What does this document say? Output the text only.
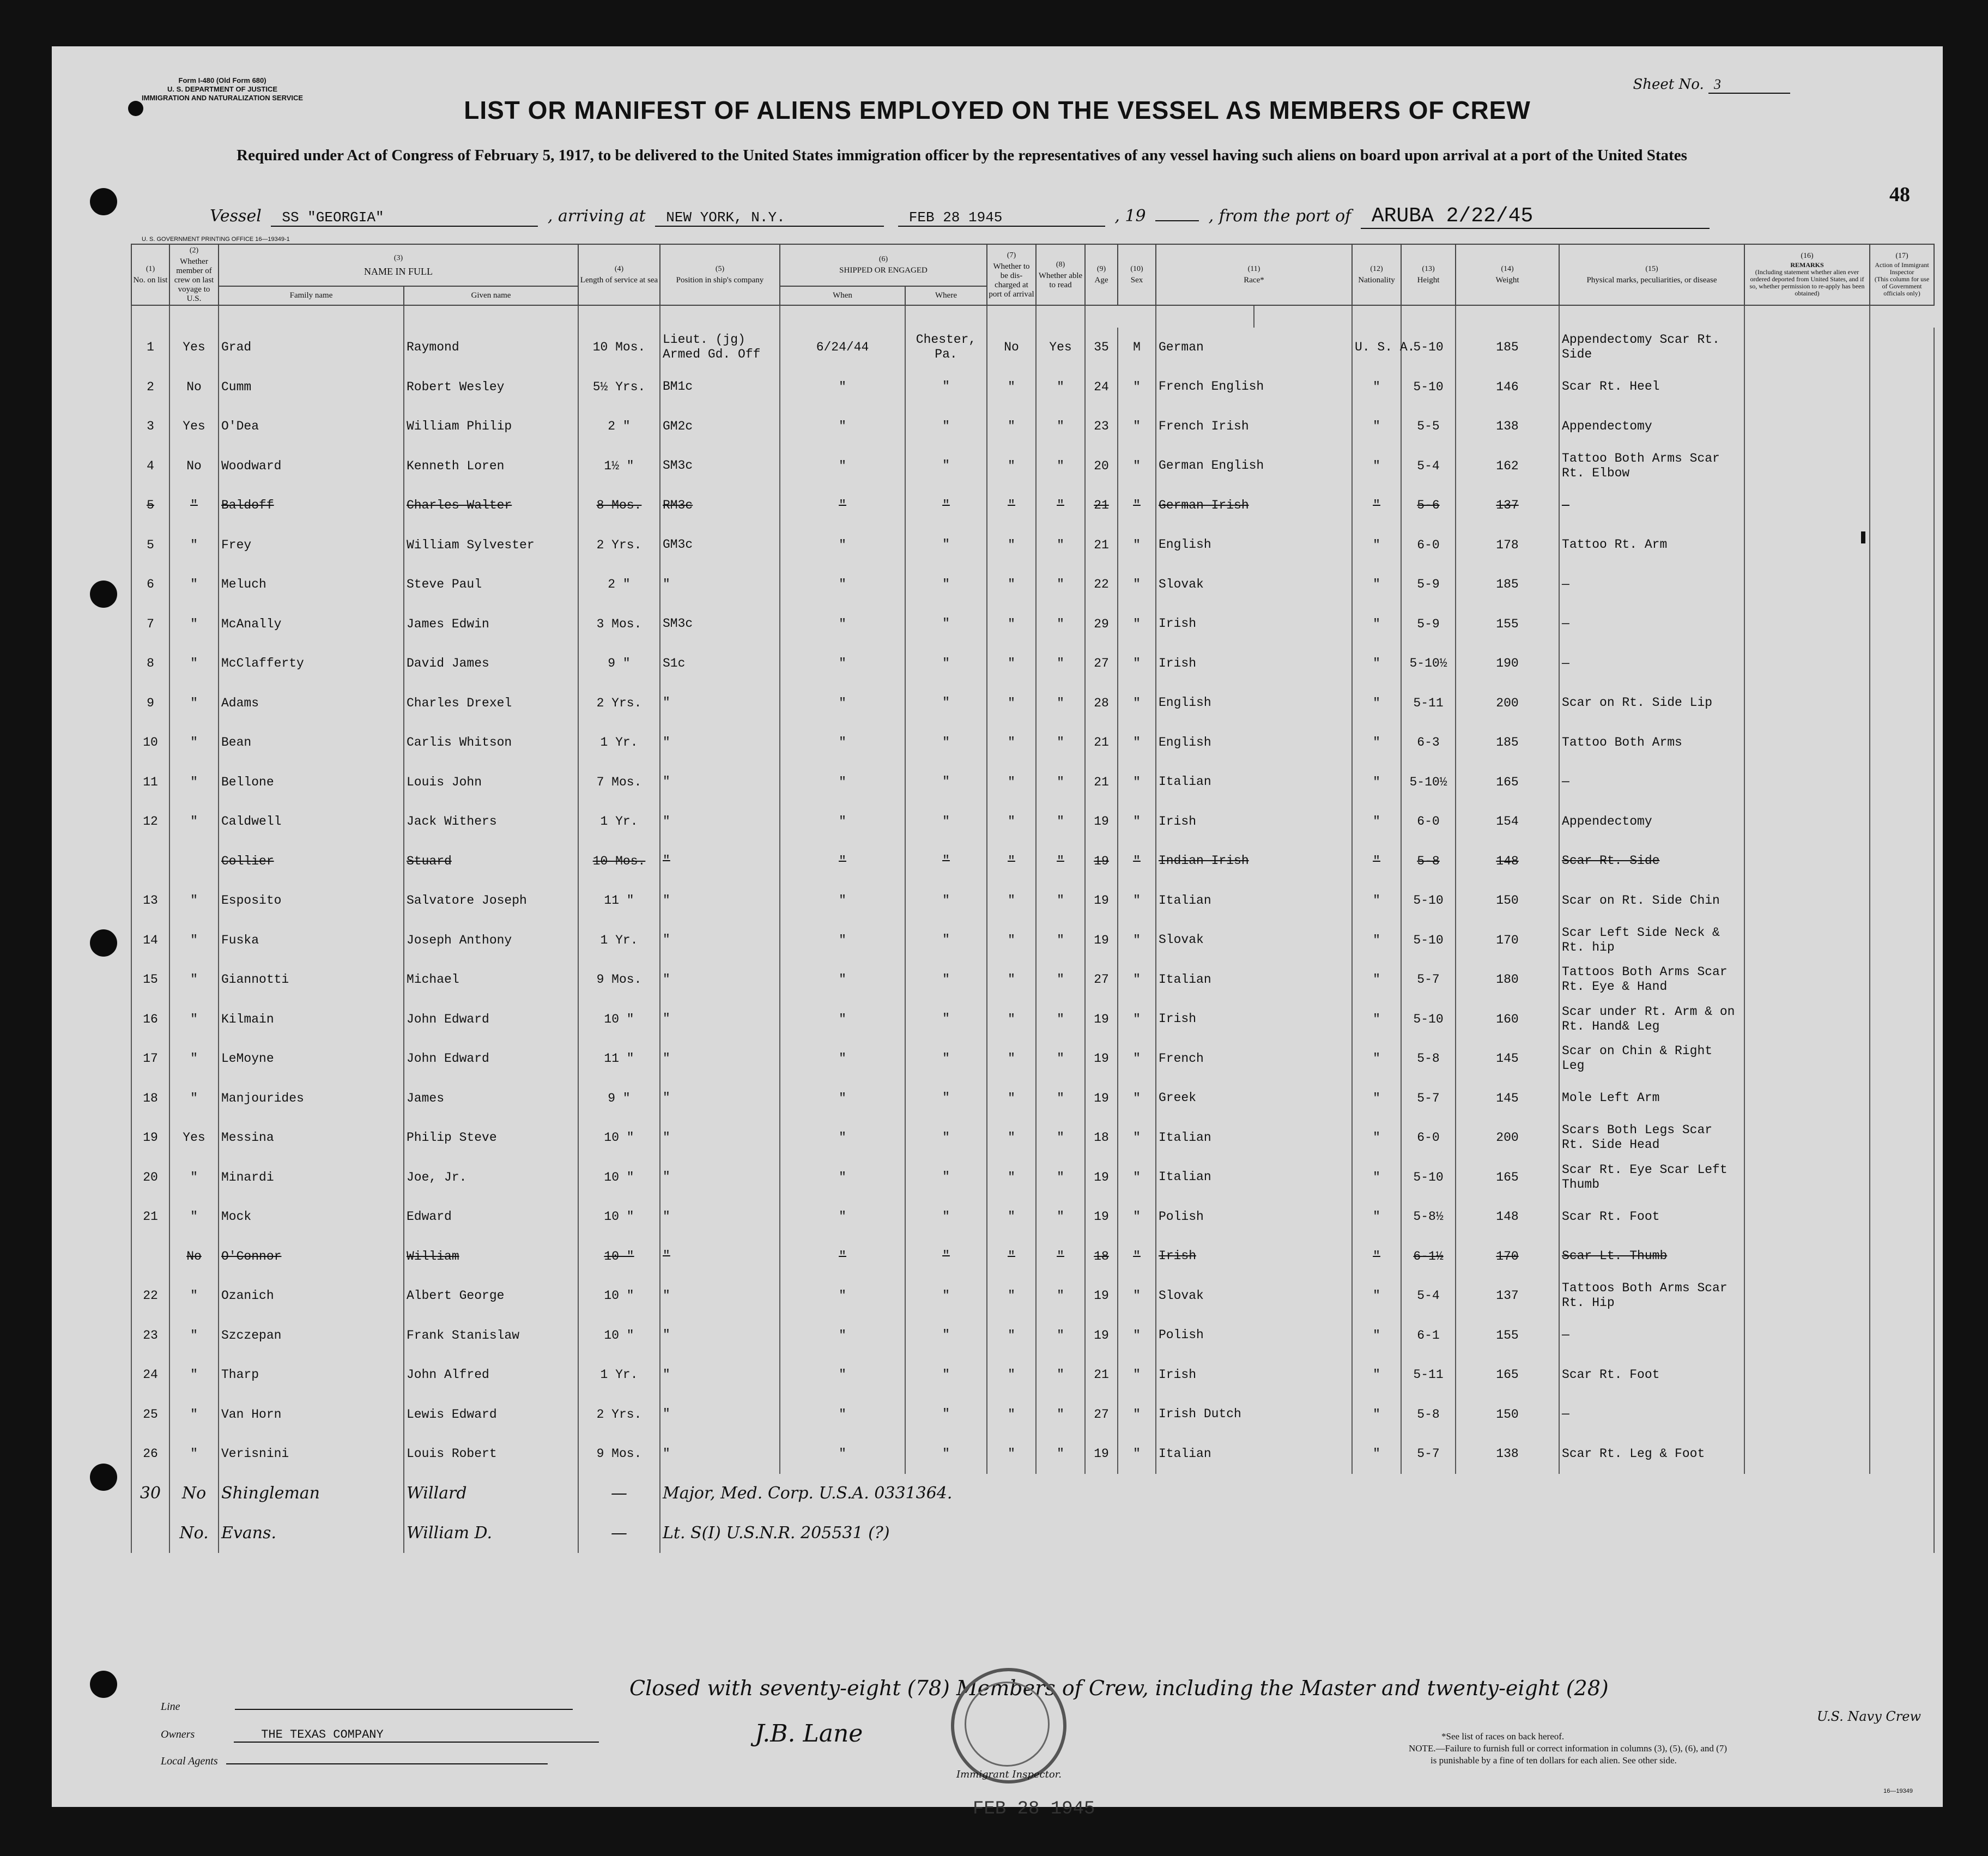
Form I-480 (Old Form 680)
U. S. DEPARTMENT OF JUSTICE
IMMIGRATION AND NATURALIZATION SERVICE
Sheet No. 3
LIST OR MANIFEST OF ALIENS EMPLOYED ON THE VESSEL AS MEMBERS OF CREW
Required under Act of Congress of February 5, 1917, to be delivered to the United States immigration officer by the representatives of any vessel having such aliens on board upon arrival at a port of the United States
48
Vessel SS "GEORGIA"	, arriving at NEW YORK, N.Y.	FEB 28 1945	, 19	, from the port of ARUBA 2/22/45
U. S. GOVERNMENT PRINTING OFFICE 16—19349-1
(1)
No. on list	(2)
Whether member of crew on last voyage to U.S.	(3)
NAME IN FULL		(4)
Length of service at sea	(5)
Position in ship's company	(6)
SHIPPED OR ENGAGED		(7)
Whether to be dis-charged at port of arrival	(8)
Whether able to read	(9)
Age	(10)
Sex	(11)
Race*		(12)
Nationality	(13)
Height	(14)
Weight	(15)
Physical marks, peculiarities, or disease	(16)
REMARKS
(Including statement whether alien ever ordered deported from United States, and if so, whether permission to re-apply has been obtained)	(17)
Action of Immigrant Inspector
(This column for use of Government officials only)
		Family name	Given name			When	Where												

1	Yes	Grad	Raymond	10 Mos.	Lieut. (jg) Armed Gd. Off	6/24/44	Chester, Pa.	No	Yes	35	M	German		U. S. A.	5-10	185	Appendectomy Scar Rt. Side		
2	No	Cumm	Robert Wesley	5½ Yrs.	BM1c	"	"	"	"	24	"	French English		"	5-10	146	Scar Rt. Heel		
3	Yes	O'Dea	William Philip	2 "	GM2c	"	"	"	"	23	"	French Irish		"	5-5	138	Appendectomy		
4	No	Woodward	Kenneth Loren	1½ "	SM3c	"	"	"	"	20	"	German English		"	5-4	162	Tattoo Both Arms Scar Rt. Elbow		
5	"	Baldoff	Charles Walter	8 Mos.	RM3c	"	"	"	"	21	"	German Irish		"	5-6	137	—		
5	"	Frey	William Sylvester	2 Yrs.	GM3c	"	"	"	"	21	"	English		"	6-0	178	Tattoo Rt. Arm		
6	"	Meluch	Steve Paul	2 "	"	"	"	"	"	22	"	Slovak		"	5-9	185	—		
7	"	McAnally	James Edwin	3 Mos.	SM3c	"	"	"	"	29	"	Irish		"	5-9	155	—		
8	"	McClafferty	David James	9 "	S1c	"	"	"	"	27	"	Irish		"	5-10½	190	—		
9	"	Adams	Charles Drexel	2 Yrs.	"	"	"	"	"	28	"	English		"	5-11	200	Scar on Rt. Side Lip		
10	"	Bean	Carlis Whitson	1 Yr.	"	"	"	"	"	21	"	English		"	6-3	185	Tattoo Both Arms		
11	"	Bellone	Louis John	7 Mos.	"	"	"	"	"	21	"	Italian		"	5-10½	165	—		
12	"	Caldwell	Jack Withers	1 Yr.	"	"	"	"	"	19	"	Irish		"	6-0	154	Appendectomy		
		Collier	Stuard	10 Mos.	"	"	"	"	"	19	"	Indian Irish		"	5-8	148	Scar Rt. Side		
13	"	Esposito	Salvatore Joseph	11 "	"	"	"	"	"	19	"	Italian		"	5-10	150	Scar on Rt. Side Chin		
14	"	Fuska	Joseph Anthony	1 Yr.	"	"	"	"	"	19	"	Slovak		"	5-10	170	Scar Left Side Neck & Rt. hip		
15	"	Giannotti	Michael	9 Mos.	"	"	"	"	"	27	"	Italian		"	5-7	180	Tattoos Both Arms Scar Rt. Eye & Hand		
16	"	Kilmain	John Edward	10 "	"	"	"	"	"	19	"	Irish		"	5-10	160	Scar under Rt. Arm & on Rt. Hand& Leg		
17	"	LeMoyne	John Edward	11 "	"	"	"	"	"	19	"	French		"	5-8	145	Scar on Chin & Right Leg		
18	"	Manjourides	James	9 "	"	"	"	"	"	19	"	Greek		"	5-7	145	Mole Left Arm		
19	Yes	Messina	Philip Steve	10 "	"	"	"	"	"	18	"	Italian		"	6-0	200	Scars Both Legs Scar Rt. Side Head		
20	"	Minardi	Joe, Jr.	10 "	"	"	"	"	"	19	"	Italian		"	5-10	165	Scar Rt. Eye Scar Left Thumb		
21	"	Mock	Edward	10 "	"	"	"	"	"	19	"	Polish		"	5-8½	148	Scar Rt. Foot		
	No	O'Connor	William	10 "	"	"	"	"	"	18	"	Irish		"	6-1½	170	Scar Lt. Thumb		
22	"	Ozanich	Albert George	10 "	"	"	"	"	"	19	"	Slovak		"	5-4	137	Tattoos Both Arms Scar Rt. Hip		
23	"	Szczepan	Frank Stanislaw	10 "	"	"	"	"	"	19	"	Polish		"	6-1	155	—		
24	"	Tharp	John Alfred	1 Yr.	"	"	"	"	"	21	"	Irish		"	5-11	165	Scar Rt. Foot		
25	"	Van Horn	Lewis Edward	2 Yrs.	"	"	"	"	"	27	"	Irish Dutch		"	5-8	150	—		
26	"	Verisnini	Louis Robert	9 Mos.	"	"	"	"	"	19	"	Italian		"	5-7	138	Scar Rt. Leg & Foot		
30	No	Shingleman	Willard	—	Major, Med. Corp. U.S.A. 0331364.														
	No.	Evans.	William D.	—	Lt. S(I) U.S.N.R. 205531 (?)														
Closed with seventy-eight (78) Members of Crew, including the Master and twenty-eight (28)
U.S. Navy Crew
Line
Owners	THE TEXAS COMPANY
Local Agents
J.B. Lane
Immigrant Inspector.
*See list of races on back hereof.
NOTE.—Failure to furnish full or correct information in columns (3), (5), (6), and (7)
is punishable by a fine of ten dollars for each alien. See other side.
FEB 28 1945
16—19349
